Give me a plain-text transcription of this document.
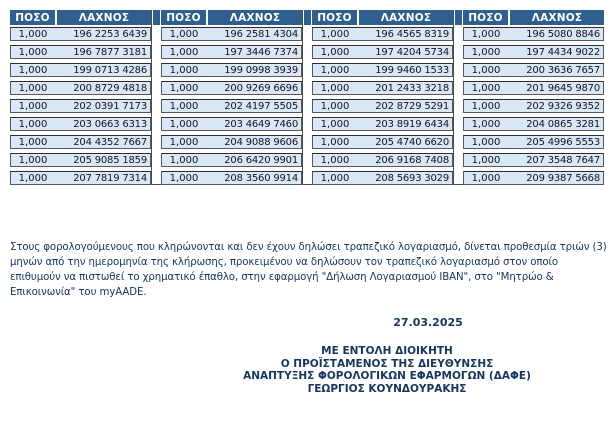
ΠΟΣΟ	ΛΑΧΝΟΣ
1,000	196 2253 6439
1,000	196 7877 3181
1,000	199 0713 4286
1,000	200 8729 4818
1,000	202 0391 7173
1,000	203 0663 6313
1,000	204 4352 7667
1,000	205 9085 1859
1,000	207 7819 7314
ΠΟΣΟ	ΛΑΧΝΟΣ
1,000	196 2581 4304
1,000	197 3446 7374
1,000	199 0998 3939
1,000	200 9269 6696
1,000	202 4197 5505
1,000	203 4649 7460
1,000	204 9088 9606
1,000	206 6420 9901
1,000	208 3560 9914
ΠΟΣΟ	ΛΑΧΝΟΣ
1,000	196 4565 8319
1,000	197 4204 5734
1,000	199 9460 1533
1,000	201 2433 3218
1,000	202 8729 5291
1,000	203 8919 6434
1,000	205 4740 6620
1,000	206 9168 7408
1,000	208 5693 3029
ΠΟΣΟ	ΛΑΧΝΟΣ
1,000	196 5080 8846
1,000	197 4434 9022
1,000	200 3636 7657
1,000	201 9645 9870
1,000	202 9326 9352
1,000	204 0865 3281
1,000	205 4996 5553
1,000	207 3548 7647
1,000	209 9387 5668

Στους φορολογούμενους που κληρώνονται και δεν έχουν δηλώσει τραπεζικό λογαριασμό, δίνεται προθεσμία τριών (3) μηνών από την ημερομηνία της κλήρωσης, προκειμένου να δηλώσουν τον τραπεζικό λογαριασμό στον οποίο επιθυμούν να πιστωθεί το χρηματικό έπαθλο, στην εφαρμογή "Δήλωση Λογαριασμού IBAN", στο "Μητρώο & Επικοινωνία" του myAADE.

27.03.2025
ΜΕ ΕΝΤΟΛΗ ΔΙΟΙΚΗΤΗ
Ο ΠΡΟΪΣΤΑΜΕΝΟΣ ΤΗΣ ΔΙΕΥΘΥΝΣΗΣ
ΑΝΑΠΤΥΞΗΣ ΦΟΡΟΛΟΓΙΚΩΝ ΕΦΑΡΜΟΓΩΝ (ΔΑΦΕ)
ΓΕΩΡΓΙΟΣ ΚΟΥΝΔΟΥΡΑΚΗΣ
